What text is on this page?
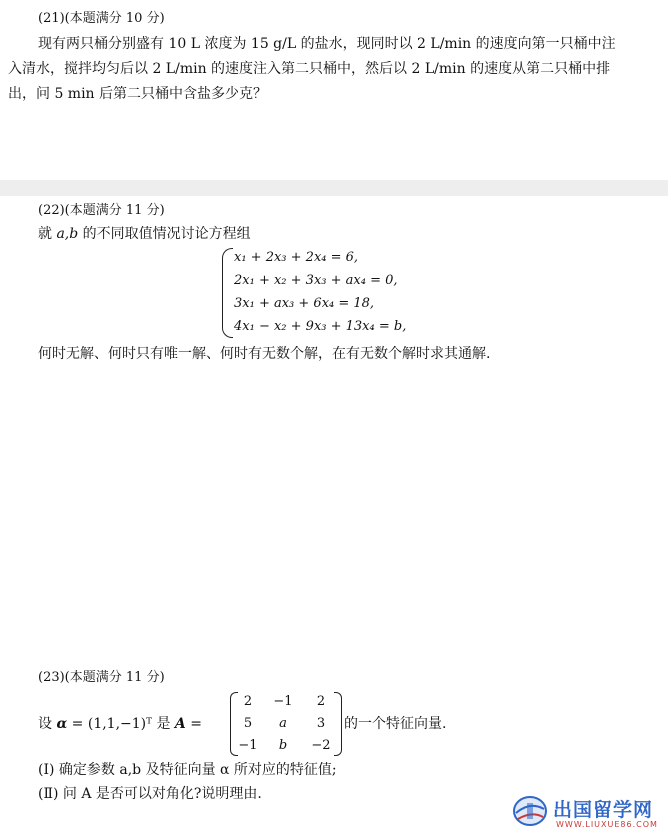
(21)(本题满分 10 分)
现有两只桶分别盛有 10 L 浓度为 15 g/L 的盐水，现同时以 2 L/min 的速度向第一只桶中注
入清水，搅拌均匀后以 2 L/min 的速度注入第二只桶中，然后以 2 L/min 的速度从第二只桶中排
出，问 5 min 后第二只桶中含盐多少克？
(22)(本题满分 11 分)
就 a,b 的不同取值情况讨论方程组
x₁ + 2x₃ + 2x₄ = 6,
2x₁ + x₂ + 3x₃ + ax₄ = 0,
3x₁ + ax₃ + 6x₄ = 18,
4x₁ − x₂ + 9x₃ + 13x₄ = b,
何时无解、何时只有唯一解、何时有无数个解，在有无数个解时求其通解.
(23)(本题满分 11 分)
设 α = (1,1,−1)ᵀ 是 A =
2	−1	2
5	a	3
−1	b	−2
的一个特征向量.
(Ⅰ) 确定参数 a,b 及特征向量 α 所对应的特征值;
(Ⅱ) 问 A 是否可以对角化?说明理由.
出国留学网
WWW.LIUXUE86.COM
